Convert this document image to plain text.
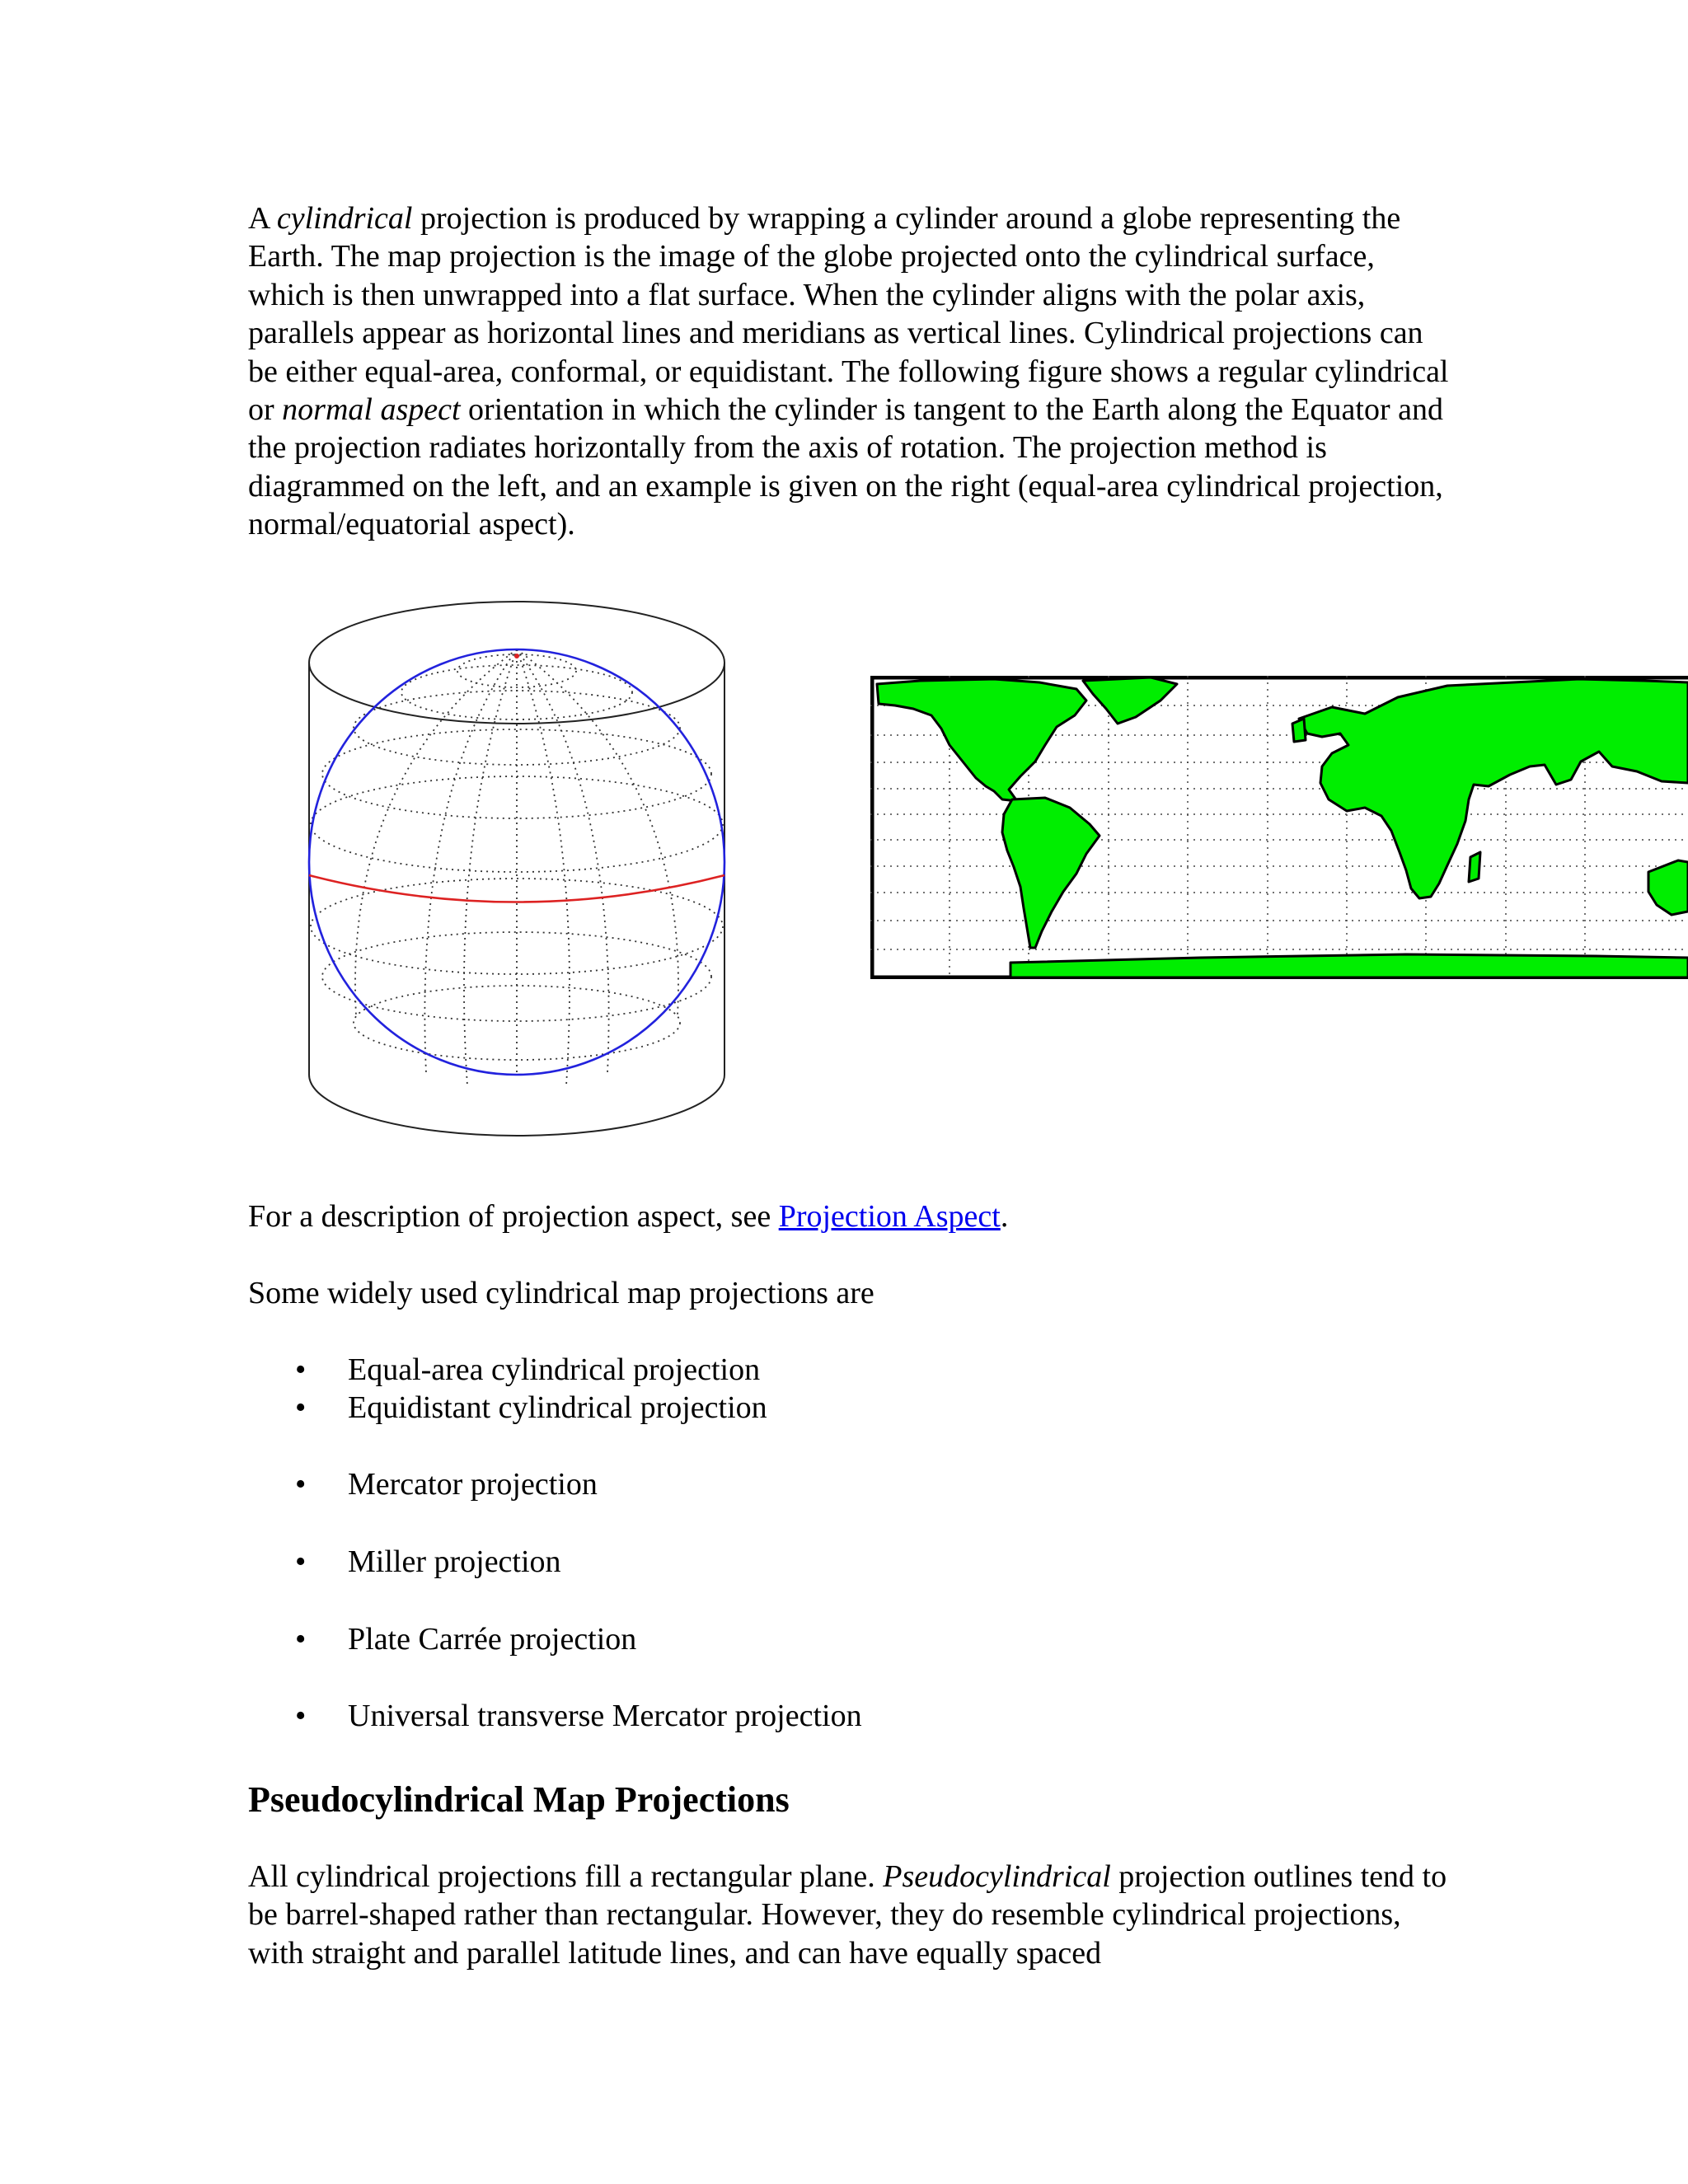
A cylindrical projection is produced by wrapping a cylinder around a globe representing the Earth. The map projection is the image of the globe projected onto the cylindrical surface, which is then unwrapped into a flat surface. When the cylinder aligns with the polar axis, parallels appear as horizontal lines and meridians as vertical lines. Cylindrical projections can be either equal-area, conformal, or equidistant. The following figure shows a regular cylindrical or normal aspect orientation in which the cylinder is tangent to the Earth along the Equator and the projection radiates horizontally from the axis of rotation. The projection method is diagrammed on the left, and an example is given on the right (equal-area cylindrical projection, normal/equatorial aspect).

For a description of projection aspect, see Projection Aspect.

Some widely used cylindrical map projections are

• Equal-area cylindrical projection
• Equidistant cylindrical projection
• Mercator projection
• Miller projection
• Plate Carrée projection
• Universal transverse Mercator projection
Pseudocylindrical Map Projections

All cylindrical projections fill a rectangular plane. Pseudocylindrical projection outlines tend to be barrel-shaped rather than rectangular. However, they do resemble cylindrical projections, with straight and parallel latitude lines, and can have equally spaced
